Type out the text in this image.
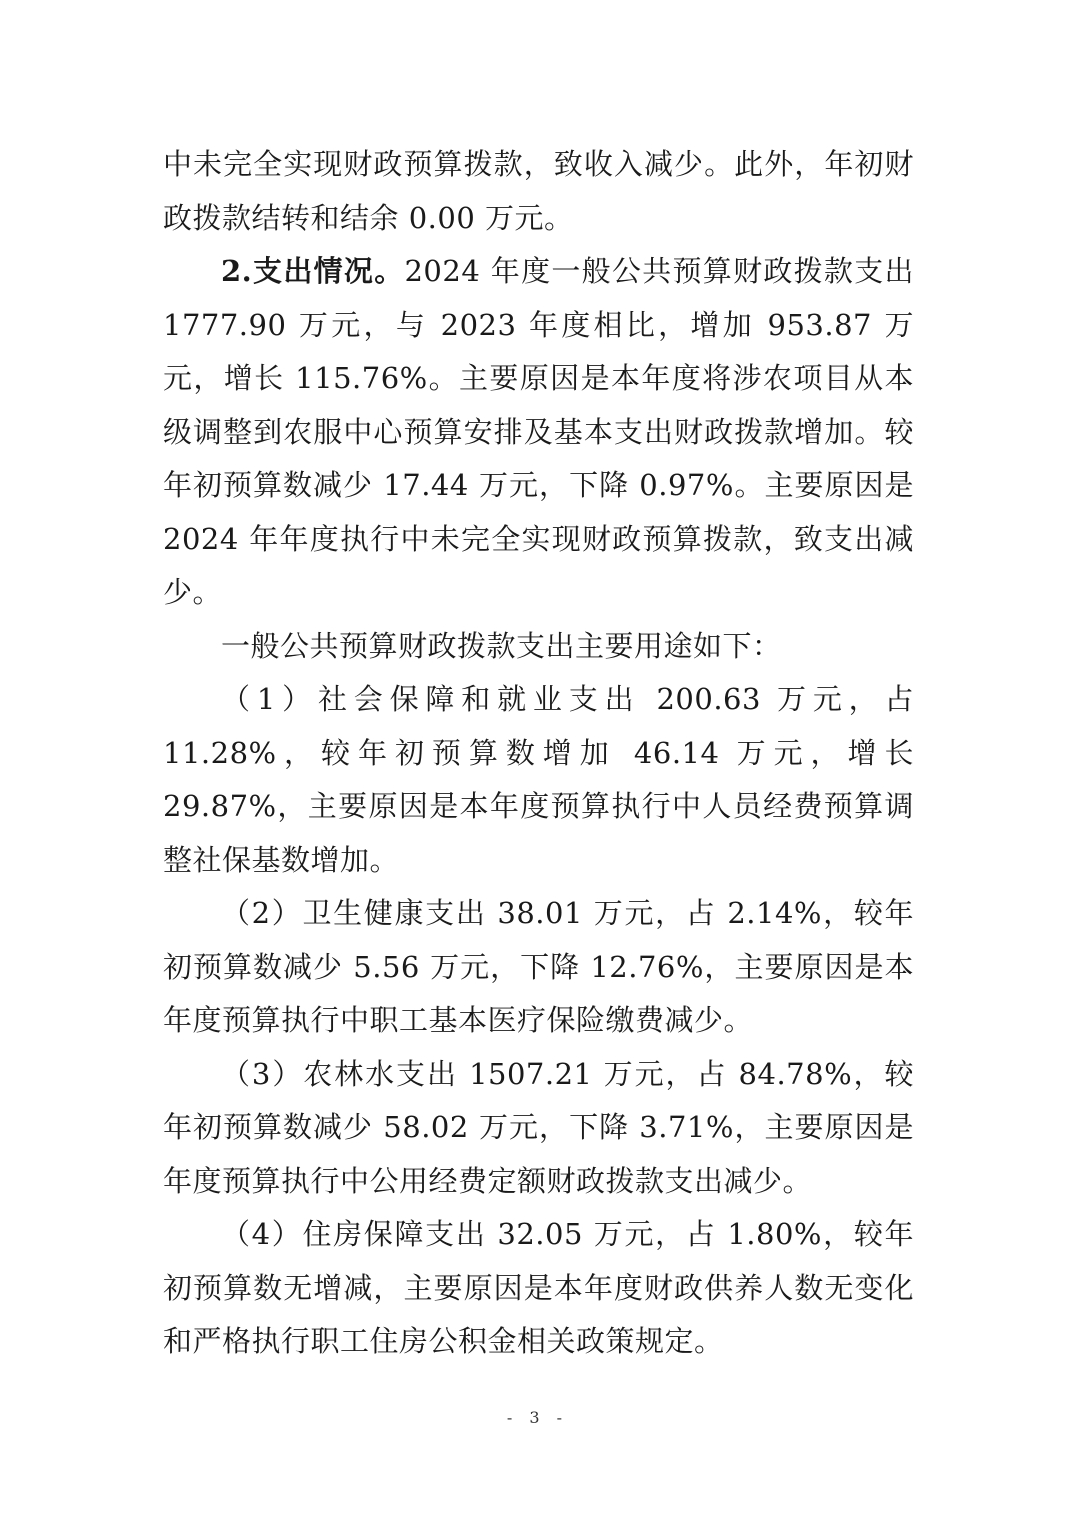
中未完全实现财政预算拨款，致收入减少。此外，年初财政拨款结转和结余 0.00 万元。

2.支出情况。2024 年度一般公共预算财政拨款支出 1777.90 万元，与 2023 年度相比，增加 953.87 万元，增长 115.76%。主要原因是本年度将涉农项目从本级调整到农服中心预算安排及基本支出财政拨款增加。较年初预算数减少 17.44 万元，下降 0.97%。主要原因是 2024 年年度执行中未完全实现财政预算拨款，致支出减少。

一般公共预算财政拨款支出主要用途如下：

（1）社会保障和就业支出 200.63 万元，占 11.28%，较年初预算数增加 46.14 万元，增长 29.87%，主要原因是本年度预算执行中人员经费预算调整社保基数增加。

（2）卫生健康支出 38.01 万元，占 2.14%，较年初预算数减少 5.56 万元，下降 12.76%，主要原因是本年度预算执行中职工基本医疗保险缴费减少。

（3）农林水支出 1507.21 万元，占 84.78%，较年初预算数减少 58.02 万元，下降 3.71%，主要原因是年度预算执行中公用经费定额财政拨款支出减少。

（4）住房保障支出 32.05 万元，占 1.80%，较年初预算数无增减，主要原因是本年度财政供养人数无变化和严格执行职工住房公积金相关政策规定。

- 3 -
